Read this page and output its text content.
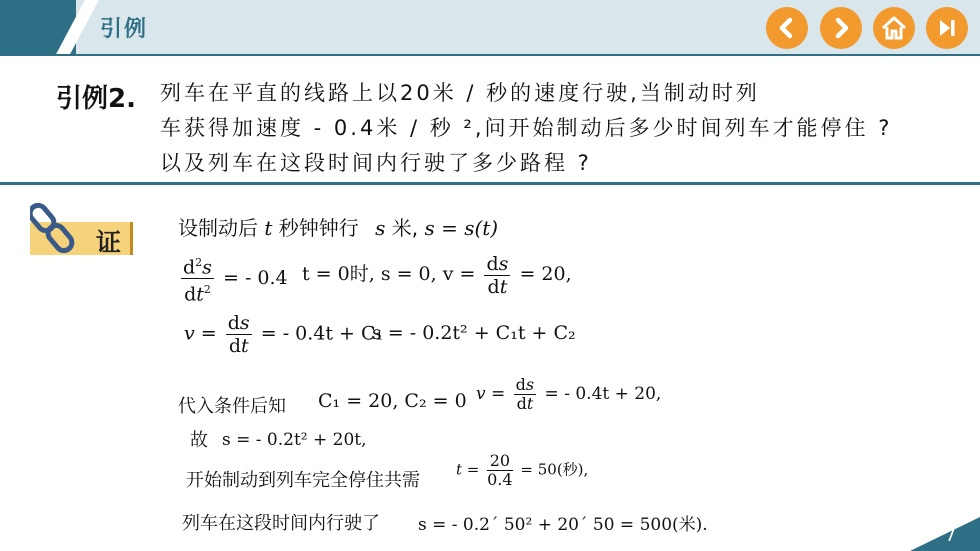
引例
引例2. 列车在平直的线路上以20米 / 秒的速度行驶,当制动时列
车获得加速度 - 0.4米 / 秒 ²,问开始制动后多少时间列车才能停住 ?
以及列车在这段时间内行驶了多少路程 ?
证	设制动后 t 秒钟钟行 s 米, s = s(t)
$\frac{d^2s}{dt^2}$ = - 0.4 t = 0时, s = 0, $v = \frac{ds}{dt} = 20$,
$v = \frac{ds}{dt}$ = - 0.4t + C₁
s = - 0.2t² + C₁t + C₂
代入条件后知 C₁ = 20, C₂ = 0 $v = \frac{ds}{dt}$ = - 0.4t + 20,
故 s = - 0.2t² + 20t,
开始制动到列车完全停住共需
$t = \frac{20}{0.4} = 50$(秒),
列车在这段时间内行驶了 s = - 0.2´ 50² + 20´ 50 = 500(米).
7
